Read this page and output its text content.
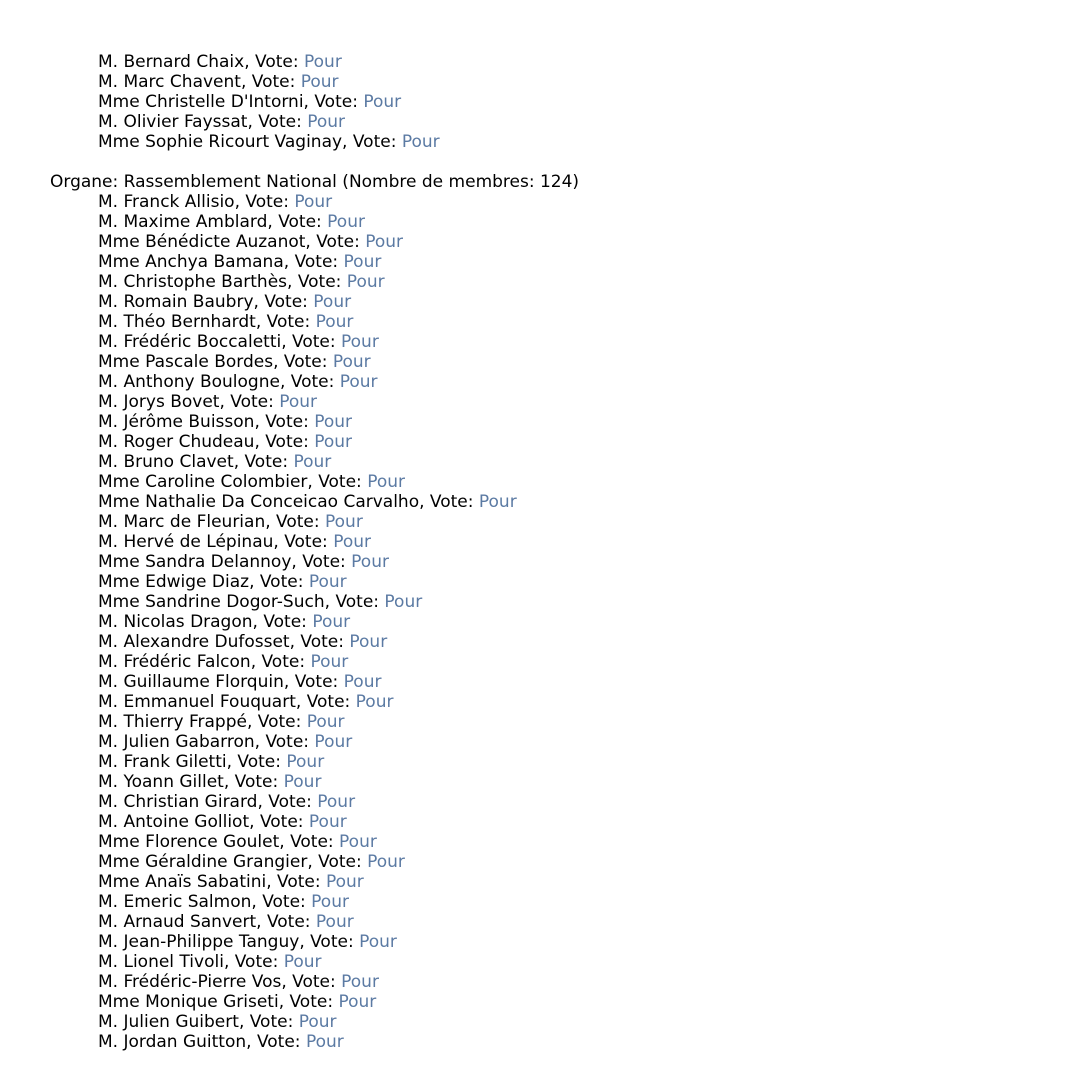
M. Bernard Chaix, Vote: Pour
M. Marc Chavent, Vote: Pour
Mme Christelle D'Intorni, Vote: Pour
M. Olivier Fayssat, Vote: Pour
Mme Sophie Ricourt Vaginay, Vote: Pour
Organe: Rassemblement National (Nombre de membres: 124)
M. Franck Allisio, Vote: Pour
M. Maxime Amblard, Vote: Pour
Mme Bénédicte Auzanot, Vote: Pour
Mme Anchya Bamana, Vote: Pour
M. Christophe Barthès, Vote: Pour
M. Romain Baubry, Vote: Pour
M. Théo Bernhardt, Vote: Pour
M. Frédéric Boccaletti, Vote: Pour
Mme Pascale Bordes, Vote: Pour
M. Anthony Boulogne, Vote: Pour
M. Jorys Bovet, Vote: Pour
M. Jérôme Buisson, Vote: Pour
M. Roger Chudeau, Vote: Pour
M. Bruno Clavet, Vote: Pour
Mme Caroline Colombier, Vote: Pour
Mme Nathalie Da Conceicao Carvalho, Vote: Pour
M. Marc de Fleurian, Vote: Pour
M. Hervé de Lépinau, Vote: Pour
Mme Sandra Delannoy, Vote: Pour
Mme Edwige Diaz, Vote: Pour
Mme Sandrine Dogor-Such, Vote: Pour
M. Nicolas Dragon, Vote: Pour
M. Alexandre Dufosset, Vote: Pour
M. Frédéric Falcon, Vote: Pour
M. Guillaume Florquin, Vote: Pour
M. Emmanuel Fouquart, Vote: Pour
M. Thierry Frappé, Vote: Pour
M. Julien Gabarron, Vote: Pour
M. Frank Giletti, Vote: Pour
M. Yoann Gillet, Vote: Pour
M. Christian Girard, Vote: Pour
M. Antoine Golliot, Vote: Pour
Mme Florence Goulet, Vote: Pour
Mme Géraldine Grangier, Vote: Pour
Mme Anaïs Sabatini, Vote: Pour
M. Emeric Salmon, Vote: Pour
M. Arnaud Sanvert, Vote: Pour
M. Jean-Philippe Tanguy, Vote: Pour
M. Lionel Tivoli, Vote: Pour
M. Frédéric-Pierre Vos, Vote: Pour
Mme Monique Griseti, Vote: Pour
M. Julien Guibert, Vote: Pour
M. Jordan Guitton, Vote: Pour
